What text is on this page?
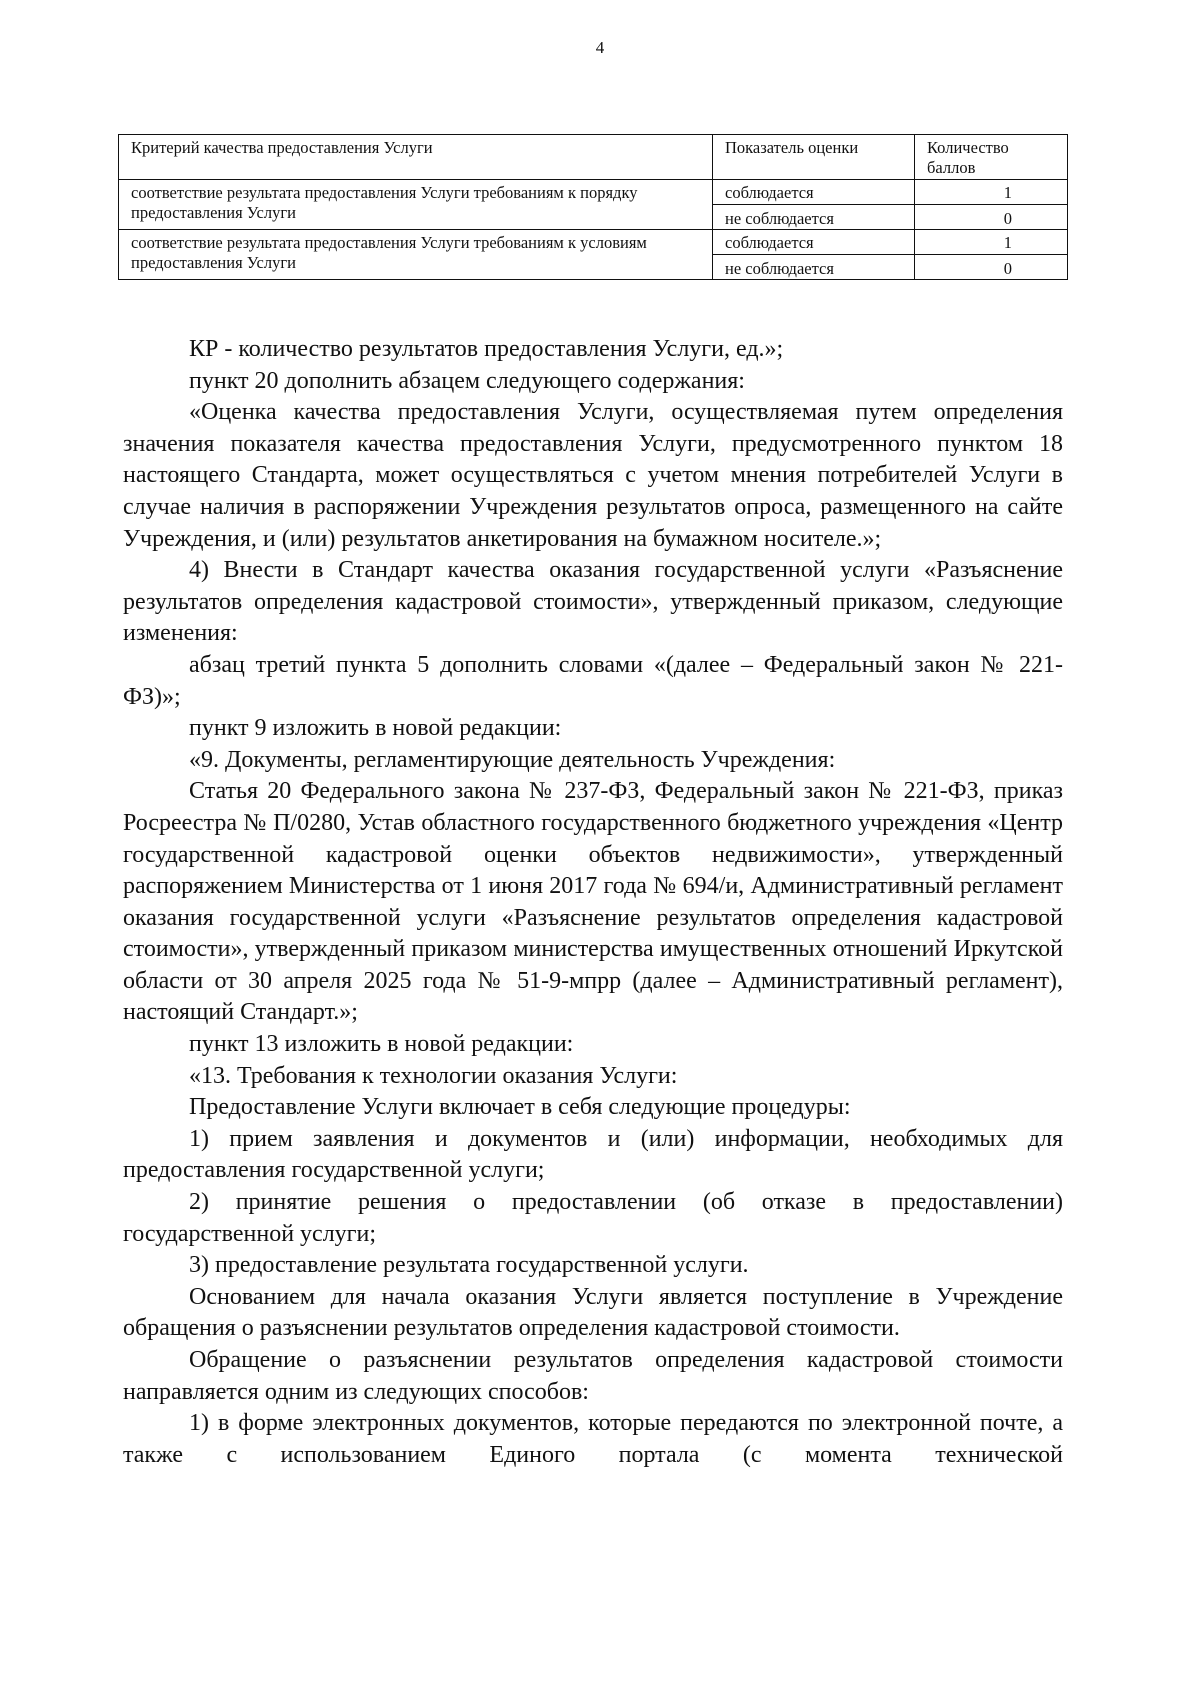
4
Критерий качества предоставления Услуги	Показатель оценки	Количество баллов
соответствие результата предоставления Услуги требованиям к порядку предоставления Услуги	соблюдается	1
	не соблюдается	0
соответствие результата предоставления Услуги требованиям к условиям предоставления Услуги	соблюдается	1
	не соблюдается	0

КР - количество результатов предоставления Услуги, ед.»;

пункт 20 дополнить абзацем следующего содержания:

«Оценка качества предоставления Услуги, осуществляемая путем определения значения показателя качества предоставления Услуги, предусмотренного пунктом 18 настоящего Стандарта, может осуществляться с учетом мнения потребителей Услуги в случае наличия в распоряжении Учреждения результатов опроса, размещенного на сайте Учреждения, и (или) результатов анкетирования на бумажном носителе.»;

4) Внести в Стандарт качества оказания государственной услуги «Разъяснение результатов определения кадастровой стоимости», утвержденный приказом, следующие изменения:

абзац третий пункта 5 дополнить словами «(далее – Федеральный закон № 221-ФЗ)»;

пункт 9 изложить в новой редакции:

«9. Документы, регламентирующие деятельность Учреждения:

Статья 20 Федерального закона № 237-ФЗ, Федеральный закон № 221-ФЗ, приказ Росреестра № П/0280, Устав областного государственного бюджетного учреждения «Центр государственной кадастровой оценки объектов недвижимости», утвержденный распоряжением Министерства от 1 июня 2017 года № 694/и, Административный регламент оказания государственной услуги «Разъяснение результатов определения кадастровой стоимости», утвержденный приказом министерства имущественных отношений Иркутской области от 30 апреля 2025 года № 51-9-мпрр (далее – Административный регламент), настоящий Стандарт.»;

пункт 13 изложить в новой редакции:

«13. Требования к технологии оказания Услуги:

Предоставление Услуги включает в себя следующие процедуры:

1) прием заявления и документов и (или) информации, необходимых для предоставления государственной услуги;

2) принятие решения о предоставлении (об отказе в предоставлении) государственной услуги;

3) предоставление результата государственной услуги.

Основанием для начала оказания Услуги является поступление в Учреждение обращения о разъяснении результатов определения кадастровой стоимости.

Обращение о разъяснении результатов определения кадастровой стоимости направляется одним из следующих способов:

1) в форме электронных документов, которые передаются по электронной почте, а также с использованием Единого портала (с момента технической
